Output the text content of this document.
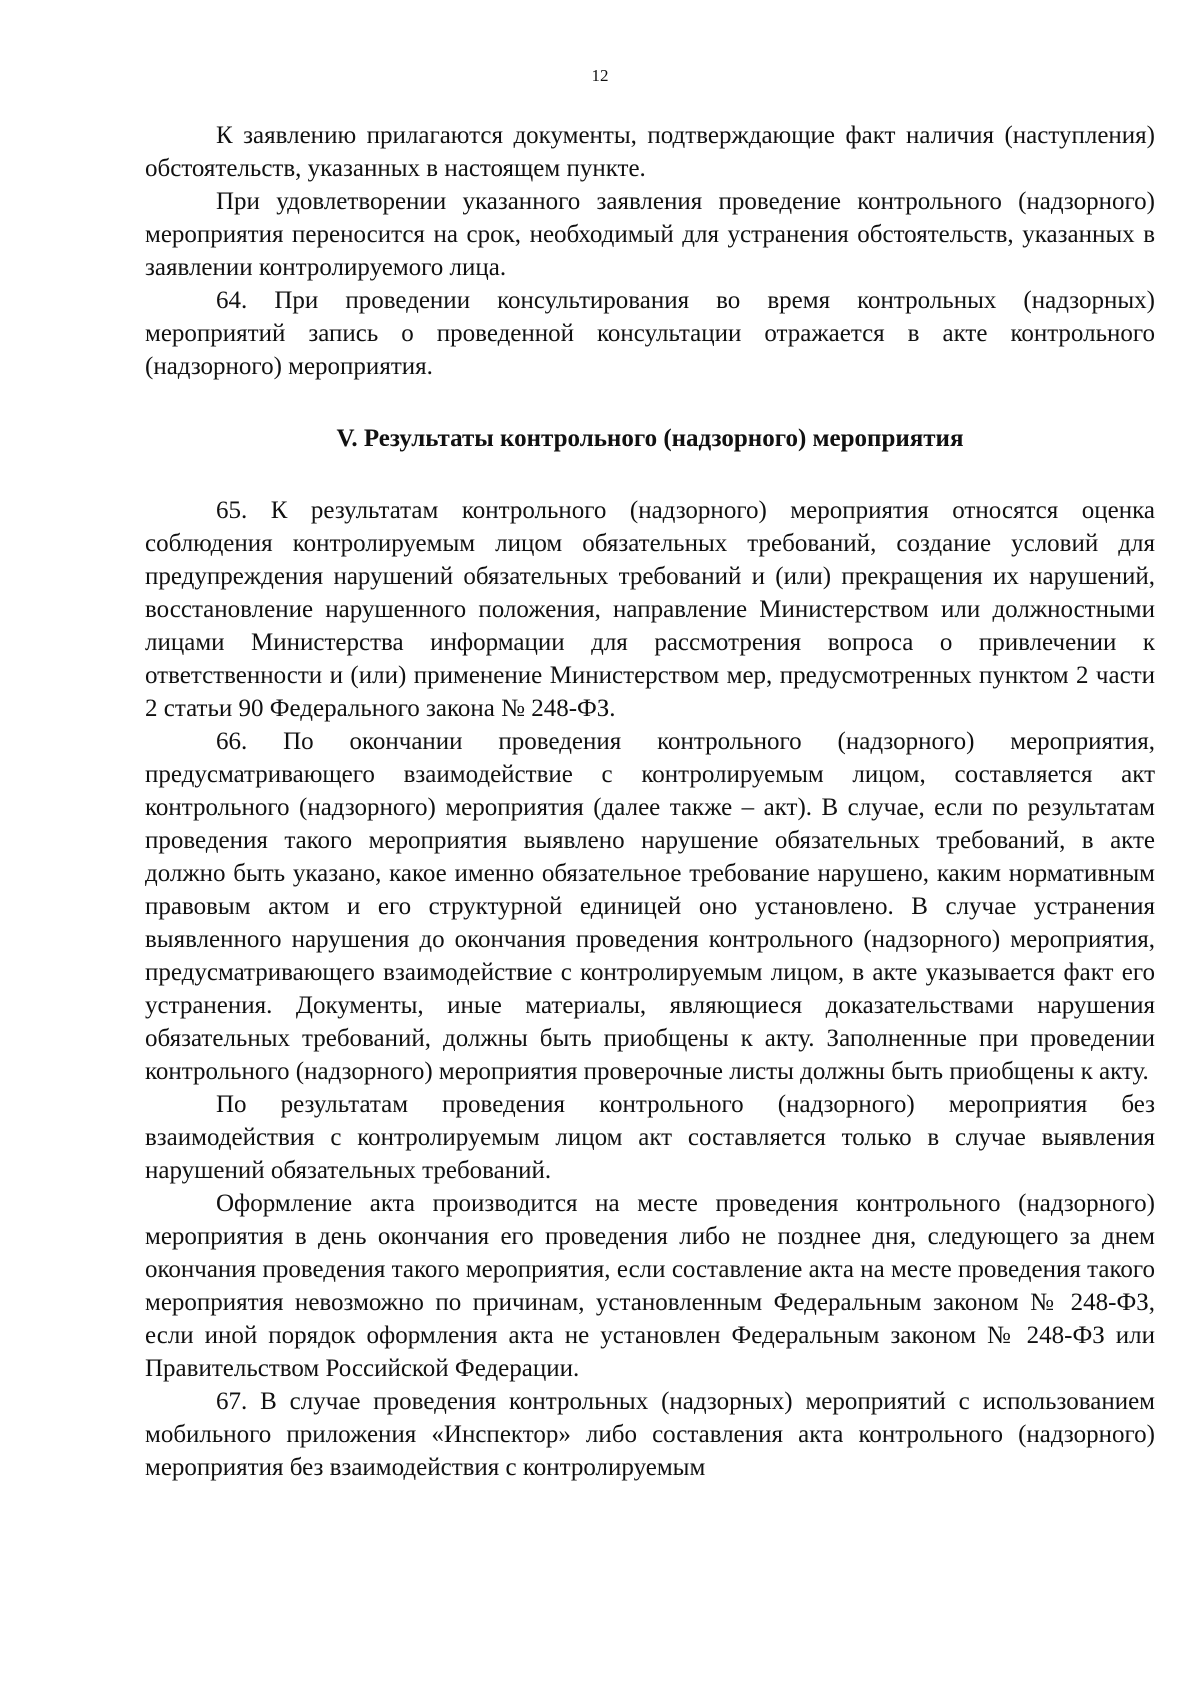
12

К заявлению прилагаются документы, подтверждающие факт наличия (наступления) обстоятельств, указанных в настоящем пункте.

При удовлетворении указанного заявления проведение контрольного (надзорного) мероприятия переносится на срок, необходимый для устранения обстоятельств, указанных в заявлении контролируемого лица.

64. При проведении консультирования во время контрольных (надзорных) мероприятий запись о проведенной консультации отражается в акте контрольного (надзорного) мероприятия.

V. Результаты контрольного (надзорного) мероприятия

65. К результатам контрольного (надзорного) мероприятия относятся оценка соблюдения контролируемым лицом обязательных требований, создание условий для предупреждения нарушений обязательных требований и (или) прекращения их нарушений, восстановление нарушенного положения, направление Министерством или должностными лицами Министерства информации для рассмотрения вопроса о привлечении к ответственности и (или) применение Министерством мер, предусмотренных пунктом 2 части 2 статьи 90 Федерального закона № 248-ФЗ.

66. По окончании проведения контрольного (надзорного) мероприятия, предусматривающего взаимодействие с контролируемым лицом, составляется акт контрольного (надзорного) мероприятия (далее также – акт). В случае, если по результатам проведения такого мероприятия выявлено нарушение обязательных требований, в акте должно быть указано, какое именно обязательное требование нарушено, каким нормативным правовым актом и его структурной единицей оно установлено. В случае устранения выявленного нарушения до окончания проведения контрольного (надзорного) мероприятия, предусматривающего взаимодействие с контролируемым лицом, в акте указывается факт его устранения. Документы, иные материалы, являющиеся доказательствами нарушения обязательных требований, должны быть приобщены к акту. Заполненные при проведении контрольного (надзорного) мероприятия проверочные листы должны быть приобщены к акту.

По результатам проведения контрольного (надзорного) мероприятия без взаимодействия с контролируемым лицом акт составляется только в случае выявления нарушений обязательных требований.

Оформление акта производится на месте проведения контрольного (надзорного) мероприятия в день окончания его проведения либо не позднее дня, следующего за днем окончания проведения такого мероприятия, если составление акта на месте проведения такого мероприятия невозможно по причинам, установленным Федеральным законом № 248-ФЗ, если иной порядок оформления акта не установлен Федеральным законом № 248-ФЗ или Правительством Российской Федерации.

67. В случае проведения контрольных (надзорных) мероприятий с использованием мобильного приложения «Инспектор» либо составления акта контрольного (надзорного) мероприятия без взаимодействия с контролируемым
